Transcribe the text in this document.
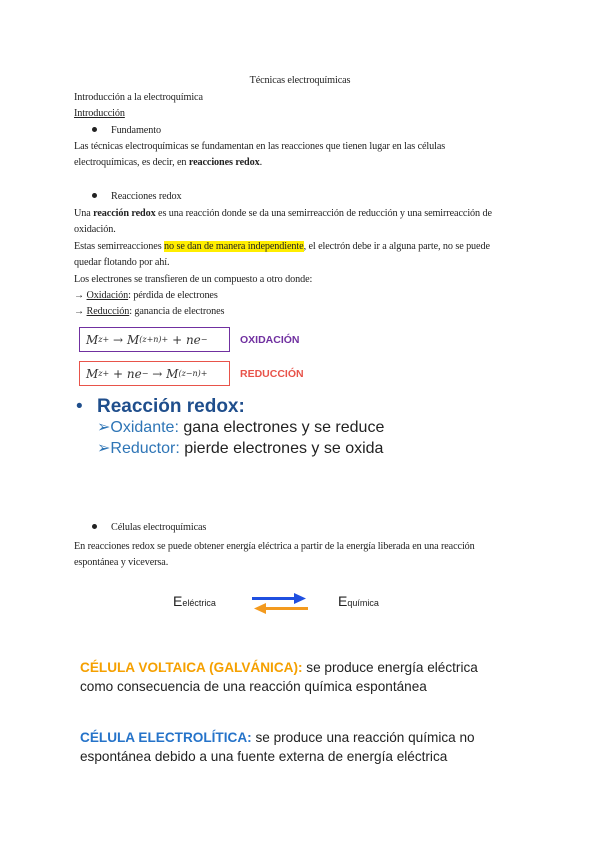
Técnicas electroquímicas
Introducción a la electroquímica
Introducción
Fundamento
Las técnicas electroquímicas se fundamentan en las reacciones que tienen lugar en las células
electroquímicas, es decir, en reacciones redox.
Reacciones redox
Una reacción redox es una reacción donde se da una semirreacción de reducción y una semirreacción de
oxidación.
Estas semirreacciones no se dan de manera independiente, el electrón debe ir a alguna parte, no se puede
quedar flotando por ahí.
Los electrones se transfieren de un compuesto a otro donde:
→ Oxidación: pérdida de electrones
→ Reducción: ganancia de electrones
M z+
→
M (z+n)+
+ ne −	OXIDACIÓN
M z+
+ ne −
→
M (z−n)+	REDUCCIÓN
• Reacción redox:
➢Oxidante: gana electrones y se reduce
➢Reductor: pierde electrones y se oxida
Células electroquímicas
En reacciones redox se puede obtener energía eléctrica a partir de la energía liberada en una reacción
espontánea y viceversa.
Eeléctrica	Equímica
CÉLULA VOLTAICA (GALVÁNICA): se produce energía eléctrica
como consecuencia de una reacción química espontánea
CÉLULA ELECTROLÍTICA: se produce una reacción química no
espontánea debido a una fuente externa de energía eléctrica
